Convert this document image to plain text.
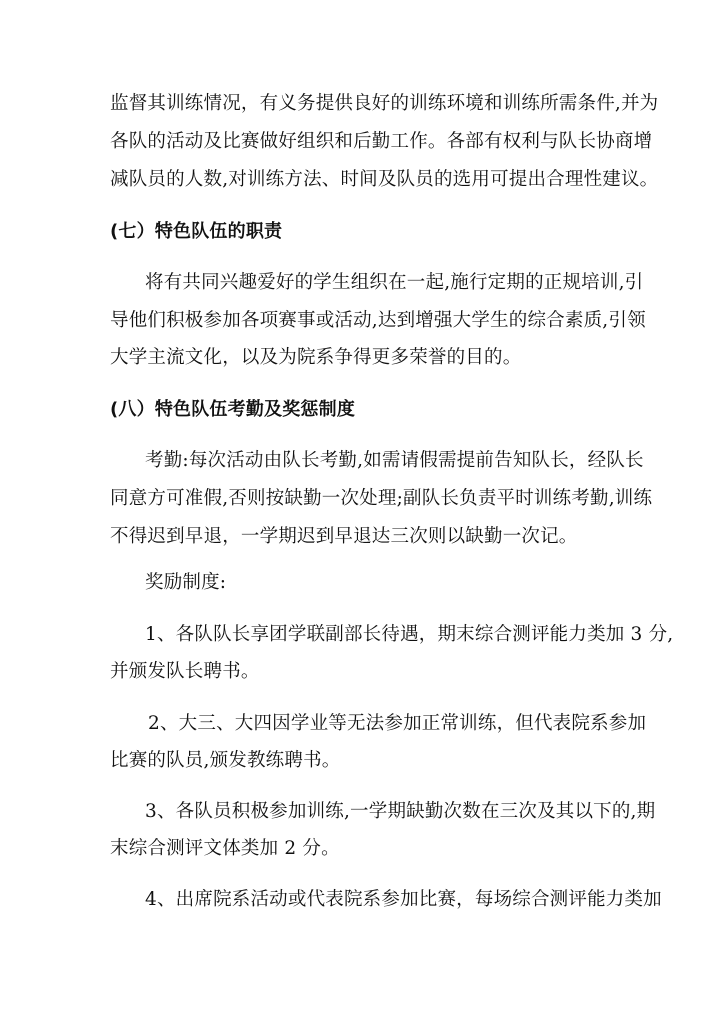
监督其训练情况，有义务提供良好的训练环境和训练所需条件,并为
各队的活动及比赛做好组织和后勤工作。各部有权利与队长协商增
减队员的人数,对训练方法、时间及队员的选用可提出合理性建议。
(七）特色队伍的职责
将有共同兴趣爱好的学生组织在一起,施行定期的正规培训,引
导他们积极参加各项赛事或活动,达到增强大学生的综合素质,引领
大学主流文化，以及为院系争得更多荣誉的目的。
(八）特色队伍考勤及奖惩制度
考勤:每次活动由队长考勤,如需请假需提前告知队长，经队长
同意方可准假,否则按缺勤一次处理;副队长负责平时训练考勤,训练
不得迟到早退，一学期迟到早退达三次则以缺勤一次记。
奖励制度:
1、各队队长享团学联副部长待遇，期末综合测评能力类加 3 分,
并颁发队长聘书。
2、大三、大四因学业等无法参加正常训练，但代表院系参加
比赛的队员,颁发教练聘书。
3、各队员积极参加训练,一学期缺勤次数在三次及其以下的,期
末综合测评文体类加 2 分。
4、出席院系活动或代表院系参加比赛，每场综合测评能力类加
